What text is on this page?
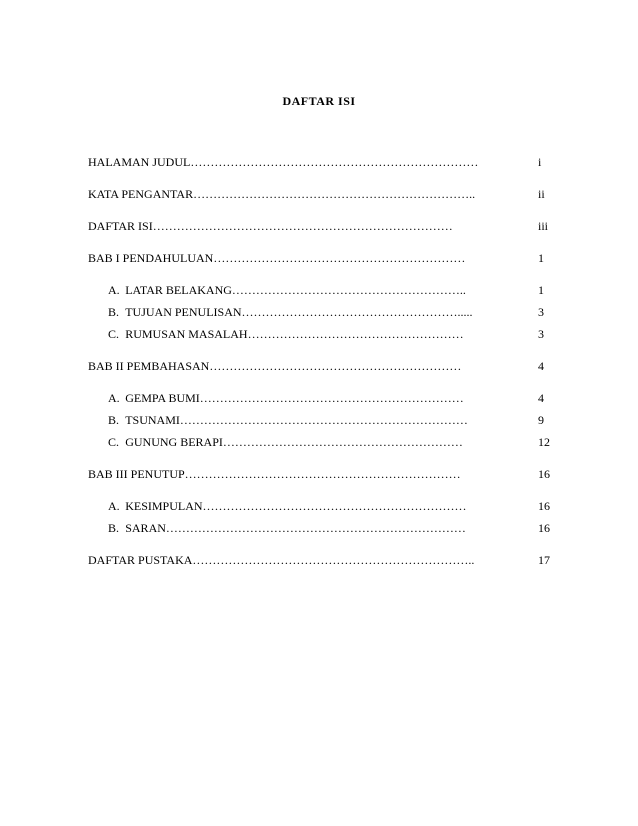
DAFTAR ISI
HALAMAN JUDUL………………………………………………………………	i
KATA PENGANTAR……………………………………………………………..	ii
DAFTAR ISI…………………………………………………………………	iii
BAB I PENDAHULUAN………………………………………………………	1
A. LATAR BELAKANG…………………………………………………..	1
B. TUJUAN PENULISAN……………………………………………….....	3
C. RUMUSAN MASALAH………………………………………………	3
BAB II PEMBAHASAN………………………………………………………	4
A. GEMPA BUMI…………………………………………………………	4
B. TSUNAMI………………………………………………………………	9
C. GUNUNG BERAPI……………………………………………………	12
BAB III PENUTUP……………………………………………………………	16
A. KESIMPULAN…………………………………………………………	16
B. SARAN…………………………………………………………………	16
DAFTAR PUSTAKA……………………………………………………………..	17
